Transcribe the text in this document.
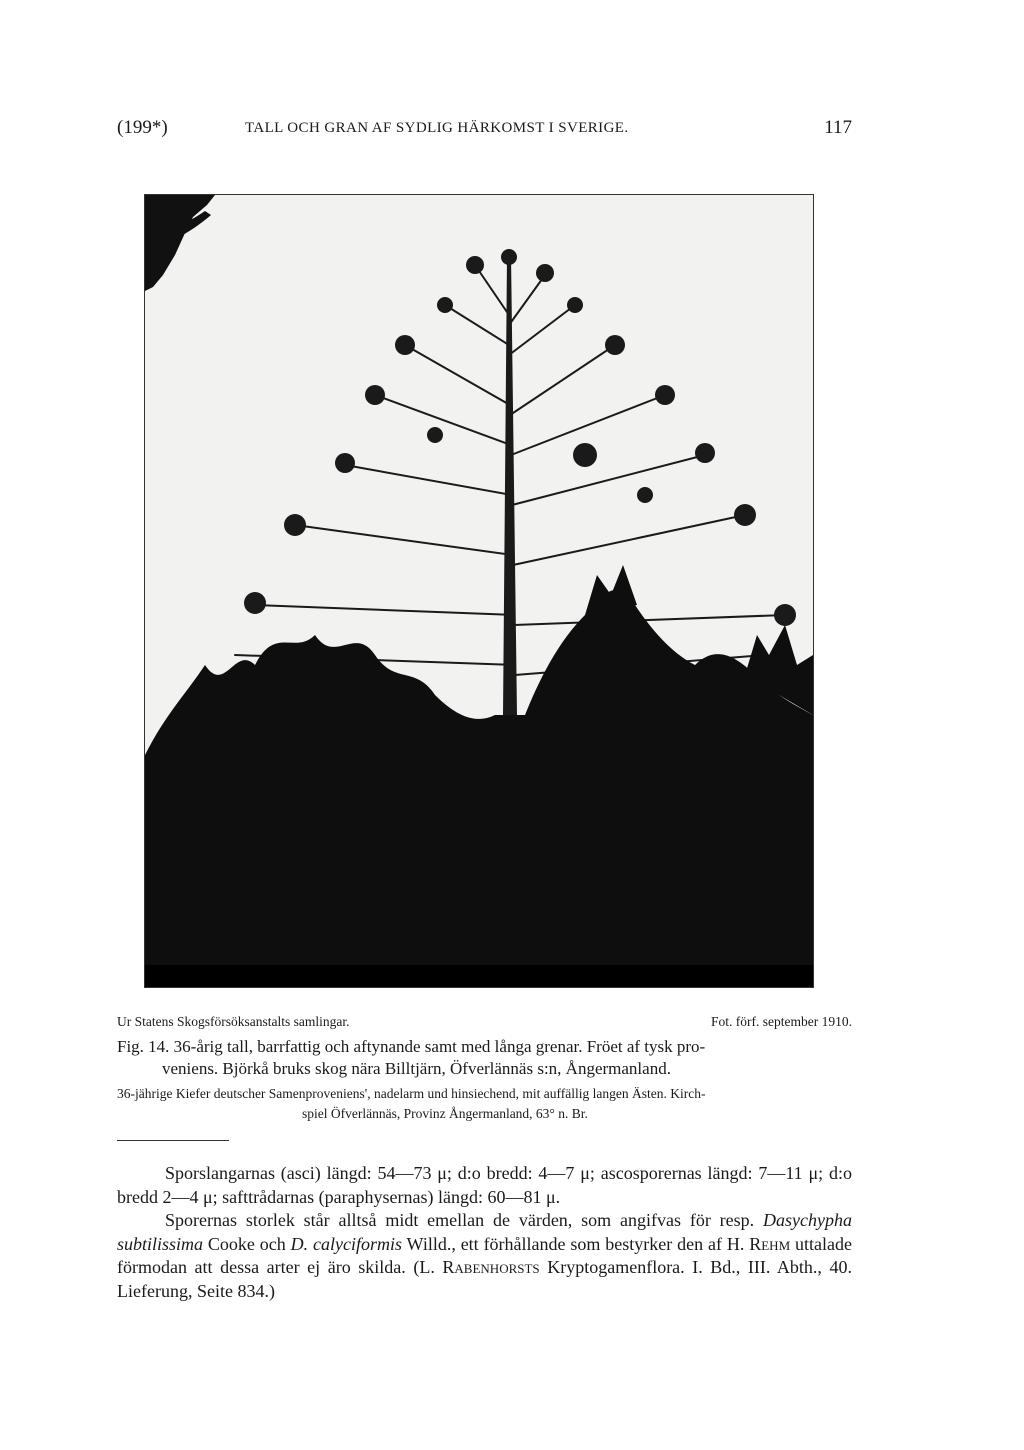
(199*)	TALL OCH GRAN AF SYDLIG HÄRKOMST I SVERIGE.	117
Ur Statens Skogsförsöksanstalts samlingar.	Fot. förf. september 1910.
Fig. 14. 36-årig tall, barrfattig och aftynande samt med långa grenar. Fröet af tysk pro-
veniens. Björkå bruks skog nära Billtjärn, Öfverlännäs s:n, Ångermanland.
36-jährige Kiefer deutscher Samenproveniens', nadelarm und hinsiechend, mit auffällig langen Ästen. Kirch-
spiel Öfverlännäs, Provinz Ångermanland, 63° n. Br.

Sporslangarnas (asci) längd: 54—73 μ; d:o bredd: 4—7 μ; ascosporernas längd: 7—11 μ; d:o bredd 2—4 μ; safttrådarnas (paraphysernas) längd: 60—81 μ.

Sporernas storlek står alltså midt emellan de värden, som angifvas för resp. Dasychypha subtilissima Cooke och D. calyciformis Willd., ett förhållande som bestyrker den af H. Rehm uttalade förmodan att dessa arter ej äro skilda. (L. Rabenhorsts Kryptogamenflora. I. Bd., III. Abth., 40. Lieferung, Seite 834.)
